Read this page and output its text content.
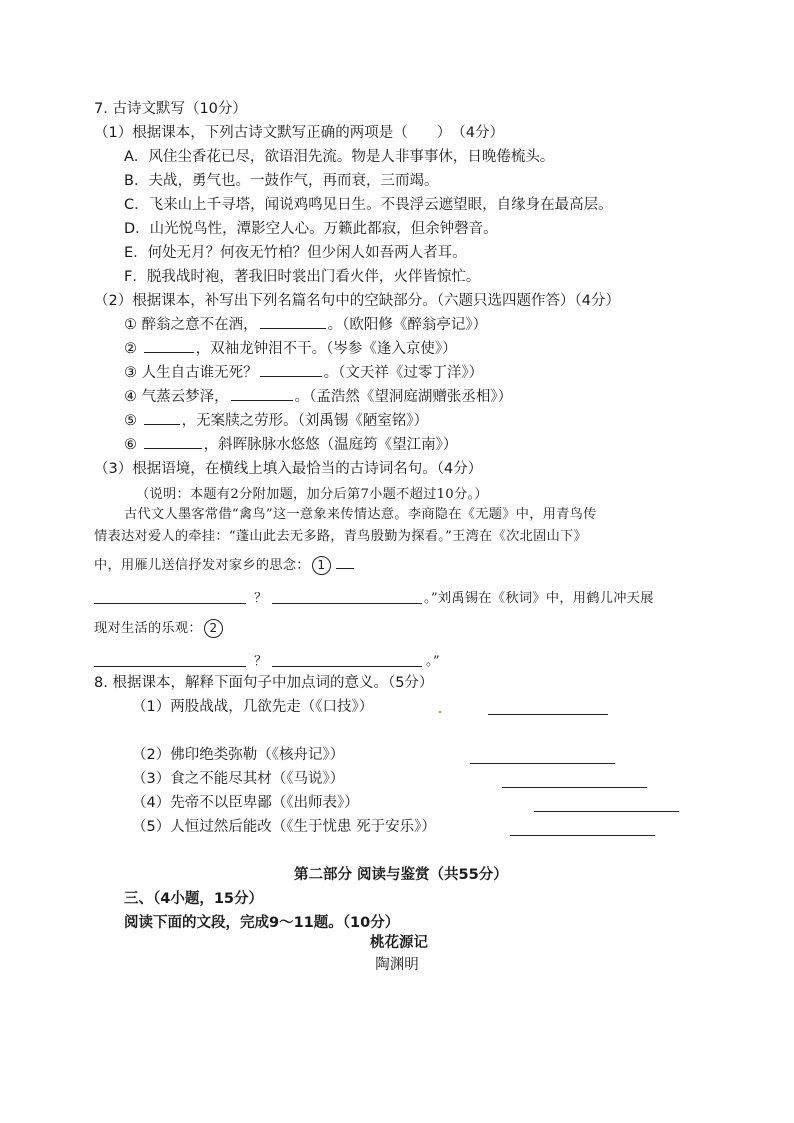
7. 古诗文默写（10分）
（1）根据课本，下列古诗文默写正确的两项是（　　）　（4分）
A．风住尘香花已尽，欲语泪先流。物是人非事事休，日晚倦梳头。
B．夫战，勇气也。一鼓作气，再而衰，三而竭。
C．飞来山上千寻塔，闻说鸡鸣见日生。不畏浮云遮望眼，自缘身在最高层。
D．山光悦鸟性，潭影空人心。万籁此都寂，但余钟磬音。
E．何处无月？何夜无竹柏？但少闲人如吾两人者耳。
F．脱我战时袍，著我旧时裳出门看火伴，火伴皆惊忙。
（2）根据课本，补写出下列名篇名句中的空缺部分。（六题只选四题作答）（4分）
① 醉翁之意不在酒，	。（欧阳修《醉翁亭记》）
②	，双袖龙钟泪不干。（岑参《逢入京使》）
③ 人生自古谁无死？	。（文天祥《过零丁洋》）
④ 气蒸云梦泽，	。（孟浩然《望洞庭湖赠张丞相》）
⑤	，无案牍之劳形。（刘禹锡《陋室铭》）
⑥	，斜晖脉脉水悠悠（温庭筠《望江南》）
（3）根据语境，在横线上填入最恰当的古诗词名句。（4分）
（说明：本题有2分附加题，加分后第7小题不超过10分。）
古代文人墨客常借“禽鸟”这一意象来传情达意。李商隐在《无题》中，用青鸟传
情表达对爱人的牵挂：“蓬山此去无多路，青鸟殷勤为探看。”王湾在《次北固山下》
中，用雁儿送信抒发对家乡的思念： 1
？	。”刘禹锡在《秋词》中，用鹤儿冲天展
现对生活的乐观： 2
？	。”
8. 根据课本，解释下面句子中加点词的意义。（5分）
（1）两股战战，几欲先走（《口技》）
（2）佛印绝类弥勒（《核舟记》）
（3）食之不能尽其材（《马说》）
（4）先帝不以臣卑鄙（《出师表》）
（5）人恒过然后能改（《生于忧患 死于安乐》）
第二部分 阅读与鉴赏（共55分）
三、（4小题，15分）
阅读下面的文段，完成9～11题。（10分）
桃花源记
陶渊明
